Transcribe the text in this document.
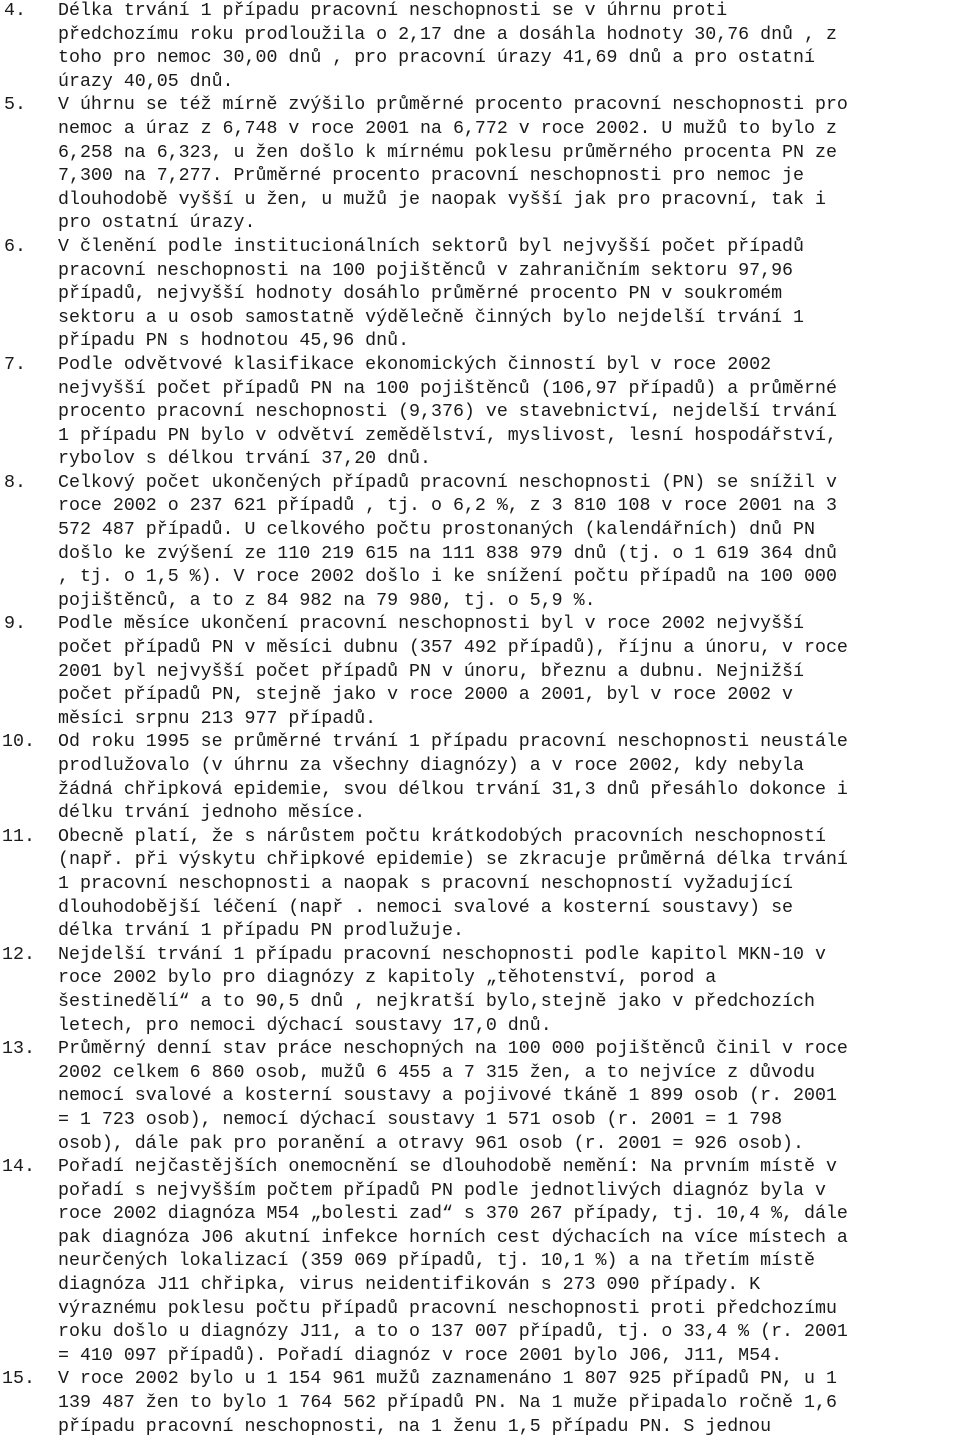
4.	Délka trvání 1 případu pracovní neschopnosti se v úhrnu proti
předchozímu roku prodloužila o 2,17 dne a dosáhla hodnoty 30,76 dnů , z
toho pro nemoc 30,00 dnů , pro pracovní úrazy 41,69 dnů a pro ostatní
úrazy 40,05 dnů.
5.	V úhrnu se též mírně zvýšilo průměrné procento pracovní neschopnosti pro
nemoc a úraz z 6,748 v roce 2001 na 6,772 v roce 2002. U mužů to bylo z
6,258 na 6,323, u žen došlo k mírnému poklesu průměrného procenta PN ze
7,300 na 7,277. Průměrné procento pracovní neschopnosti pro nemoc je
dlouhodobě vyšší u žen, u mužů je naopak vyšší jak pro pracovní, tak i
pro ostatní úrazy.
6.	V členění podle institucionálních sektorů byl nejvyšší počet případů
pracovní neschopnosti na 100 pojištěnců v zahraničním sektoru 97,96
případů, nejvyšší hodnoty dosáhlo průměrné procento PN v soukromém
sektoru a u osob samostatně výdělečně činných bylo nejdelší trvání 1
případu PN s hodnotou 45,96 dnů.
7.	Podle odvětvové klasifikace ekonomických činností byl v roce 2002
nejvyšší počet případů PN na 100 pojištěnců (106,97 případů) a průměrné
procento pracovní neschopnosti (9,376) ve stavebnictví, nejdelší trvání
1 případu PN bylo v odvětví zemědělství, myslivost, lesní hospodářství,
rybolov s délkou trvání 37,20 dnů.
8.	Celkový počet ukončených případů pracovní neschopnosti (PN) se snížil v
roce 2002 o 237 621 případů , tj. o 6,2 %, z 3 810 108 v roce 2001 na 3
572 487 případů. U celkového počtu prostonaných (kalendářních) dnů PN
došlo ke zvýšení ze 110 219 615 na 111 838 979 dnů (tj. o 1 619 364 dnů
, tj. o 1,5 %). V roce 2002 došlo i ke snížení počtu případů na 100 000
pojištěnců, a to z 84 982 na 79 980, tj. o 5,9 %.
9.	Podle měsíce ukončení pracovní neschopnosti byl v roce 2002 nejvyšší
počet případů PN v měsíci dubnu (357 492 případů), říjnu a únoru, v roce
2001 byl nejvyšší počet případů PN v únoru, březnu a dubnu. Nejnižší
počet případů PN, stejně jako v roce 2000 a 2001, byl v roce 2002 v
měsíci srpnu 213 977 případů.
10.	Od roku 1995 se průměrné trvání 1 případu pracovní neschopnosti neustále
prodlužovalo (v úhrnu za všechny diagnózy) a v roce 2002, kdy nebyla
žádná chřipková epidemie, svou délkou trvání 31,3 dnů přesáhlo dokonce i
délku trvání jednoho měsíce.
11.	Obecně platí, že s nárůstem počtu krátkodobých pracovních neschopností
(např. při výskytu chřipkové epidemie) se zkracuje průměrná délka trvání
1 pracovní neschopnosti a naopak s pracovní neschopností vyžadující
dlouhodobější léčení (např . nemoci svalové a kosterní soustavy) se
délka trvání 1 případu PN prodlužuje.
12.	Nejdelší trvání 1 případu pracovní neschopnosti podle kapitol MKN-10 v
roce 2002 bylo pro diagnózy z kapitoly „těhotenství, porod a
šestinedělí“ a to 90,5 dnů , nejkratší bylo,stejně jako v předchozích
letech, pro nemoci dýchací soustavy 17,0 dnů.
13.	Průměrný denní stav práce neschopných na 100 000 pojištěnců činil v roce
2002 celkem 6 860 osob, mužů 6 455 a 7 315 žen, a to nejvíce z důvodu
nemocí svalové a kosterní soustavy a pojivové tkáně 1 899 osob (r. 2001
= 1 723 osob), nemocí dýchací soustavy 1 571 osob (r. 2001 = 1 798
osob), dále pak pro poranění a otravy 961 osob (r. 2001 = 926 osob).
14.	Pořadí nejčastějších onemocnění se dlouhodobě nemění: Na prvním místě v
pořadí s nejvyšším počtem případů PN podle jednotlivých diagnóz byla v
roce 2002 diagnóza M54 „bolesti zad“ s 370 267 případy, tj. 10,4 %, dále
pak diagnóza J06 akutní infekce horních cest dýchacích na více místech a
neurčených lokalizací (359 069 případů, tj. 10,1 %) a na třetím místě
diagnóza J11 chřipka, virus neidentifikován s 273 090 případy. K
výraznému poklesu počtu případů pracovní neschopnosti proti předchozímu
roku došlo u diagnózy J11, a to o 137 007 případů, tj. o 33,4 % (r. 2001
= 410 097 případů). Pořadí diagnóz v roce 2001 bylo J06, J11, M54.
15.	V roce 2002 bylo u 1 154 961 mužů zaznamenáno 1 807 925 případů PN, u 1
139 487 žen to bylo 1 764 562 případů PN. Na 1 muže připadalo ročně 1,6
případu pracovní neschopnosti, na 1 ženu 1,5 případu PN. S jednou
